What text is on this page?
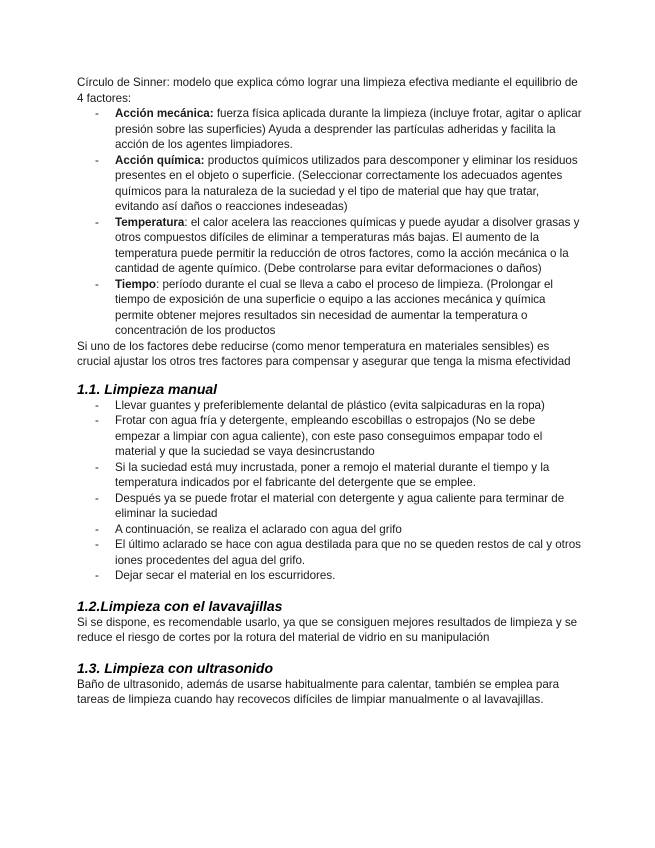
Círculo de Sinner: modelo que explica cómo lograr una limpieza efectiva mediante el equilibrio de 4 factores:

- Acción mecánica: fuerza física aplicada durante la limpieza (incluye frotar, agitar o aplicar presión sobre las superficies) Ayuda a desprender las partículas adheridas y facilita la acción de los agentes limpiadores.
- Acción química: productos químicos utilizados para descomponer y eliminar los residuos presentes en el objeto o superficie. (Seleccionar correctamente los adecuados agentes químicos para la naturaleza de la suciedad y el tipo de material que hay que tratar, evitando así daños o reacciones indeseadas)
- Temperatura: el calor acelera las reacciones químicas y puede ayudar a disolver grasas y otros compuestos difíciles de eliminar a temperaturas más bajas. El aumento de la temperatura puede permitir la reducción de otros factores, como la acción mecánica o la cantidad de agente químico. (Debe controlarse para evitar deformaciones o daños)
- Tiempo: período durante el cual se lleva a cabo el proceso de limpieza. (Prolongar el tiempo de exposición de una superficie o equipo a las acciones mecánica y química permite obtener mejores resultados sin necesidad de aumentar la temperatura o concentración de los productos

Si uno de los factores debe reducirse (como menor temperatura en materiales sensibles) es crucial ajustar los otros tres factores para compensar y asegurar que tenga la misma efectividad

1.1. Limpieza manual
- Llevar guantes y preferiblemente delantal de plástico (evita salpicaduras en la ropa)
- Frotar con agua fría y detergente, empleando escobillas o estropajos (No se debe empezar a limpiar con agua caliente), con este paso conseguimos empapar todo el material y que la suciedad se vaya desincrustando
- Si la suciedad está muy incrustada, poner a remojo el material durante el tiempo y la temperatura indicados por el fabricante del detergente que se emplee.
- Después ya se puede frotar el material con detergente y agua caliente para terminar de eliminar la suciedad
- A continuación, se realiza el aclarado con agua del grifo
- El último aclarado se hace con agua destilada para que no se queden restos de cal y otros iones procedentes del agua del grifo.
- Dejar secar el material en los escurridores.
1.2.Limpieza con el lavavajillas

Si se dispone, es recomendable usarlo, ya que se consiguen mejores resultados de limpieza y se reduce el riesgo de cortes por la rotura del material de vidrio en su manipulación

1.3. Limpieza con ultrasonido

Baño de ultrasonido, además de usarse habitualmente para calentar, también se emplea para tareas de limpieza cuando hay recovecos difíciles de limpiar manualmente o al lavavajillas.
